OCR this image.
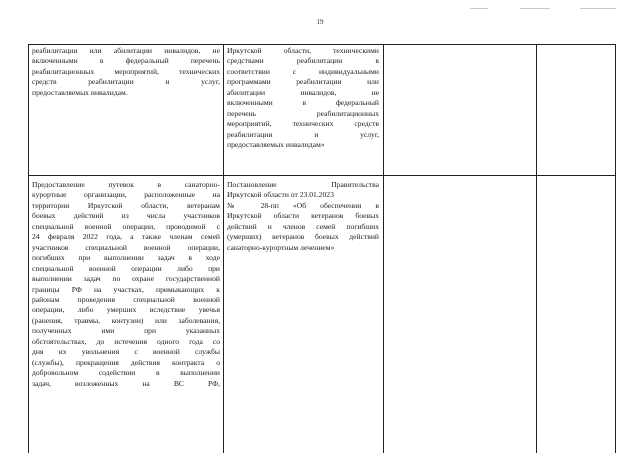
19
реабилитации или абилитации инвалидов, не
включенными в федеральный перечень
реабилитационных мероприятий, технических
средств реабилитации и услуг,
предоставляемых инвалидам.
Иркутской области, техническими
средствами реабилитации в
соответствии с индивидуальными
программами реабилитации или
абилитации инвалидов, не
включенными в федеральный
перечень реабилитационных
мероприятий, технических средств
реабилитации и услуг,
предоставляемых инвалидам»
Предоставление путевок в санаторно-
курортные организации, расположенные на
территории Иркутской области, ветеранам
боевых действий из числа участников
специальной военной операции, проводимой с
24 февраля 2022 года, а также членам семей
участников специальной военной операции,
погибших при выполнении задач в ходе
специальной военной операции либо при
выполнении задач по охране государственной
границы РФ на участках, примыкающих к
районам проведения специальной военной
операции, либо умерших вследствие увечья
(ранения, травмы, контузии) или заболевания,
полученных ими при указанных
обстоятельствах, до истечения одного года со
дня их увольнения с военной службы
(службы), прекращения действия контракта о
добровольном содействии в выполнении
задач, возложенных на ВС РФ,
Постановление Правительства
Иркутской области от 23.01.2023
№ 28-пп «Об обеспечении в
Иркутской области ветеранов боевых
действий и членов семей погибших
(умерших) ветеранов боевых действий
санаторно-курортным лечением»
